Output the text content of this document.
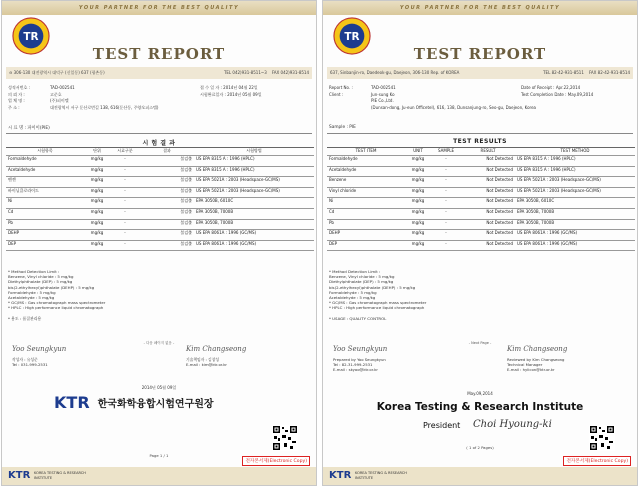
YOUR PARTNER FOR THE BEST QUALITY
TR
TEST REPORT
⊖ 306-130 대전광역시 대덕구 (신일동) 637 (평촌동)	TEL 042)931-8511~3 FAX 042)931-8514
성적서번호 :	TAD-002541	접 수 일 자 : 2014년 04월 22일
의 뢰 자 :	고준호	시험완료일자 : 2014년 05월 09일
업 체 명 :	(주)피이엘
주 소 :	대전광역시 서구 둔산로번길 138, 616(둔산동, 주양오피스텔)
시 료 명 : 파이이(PIE)
시 험 결 과
시험항목	단위	시료구분	결과	시험방법
Formaldehyde	mg/kg	-	불검출	US EPA 8315 A : 1996 (HPLC)
Acetaldehyde	mg/kg	-	불검출	US EPA 8315 A : 1996 (HPLC)
벤젠	mg/kg	-	불검출	US EPA 5021A : 2003 (Headspace-GC/MS)
바이닐클로라이드	mg/kg	-	불검출	US EPA 5021A : 2003 (Headspace-GC/MS)
Ni	mg/kg	-	불검출	EPA 3050B, 6010C
Cd	mg/kg	-	불검출	EPA 3050B, 7000B
Pb	mg/kg	-	불검출	EPA 3050B, 7000B
DEHP	mg/kg	-	불검출	US EPA 8061A : 1996 (GC/MS)
DEP	mg/kg	-	불검출	US EPA 8061A : 1996 (GC/MS)
* Method Detection Limit :
Benzene, Vinyl chloride : 5 mg/kg
Diethylphthalate (DEP) : 5 mg/kg
bis(2-ethylhexyl)phthalate (DEHP) : 5 mg/kg
Formaldehyde : 5 mg/kg
Acetaldehyde : 5 mg/kg
* GC/MS : Gas chromatograph mass spectrometer
* HPLC : High performance liquid chromatograph
* 용도 : 품질관리용
- 다음 페이지 없음 -
Yoo Seungkyun
작성자 : 유성준
Tel : 031-999-2531
Kim Changseong
기술책임자 : 김창성
E-mail : kim@ktr.or.kr
2014년 05월 09일
KTR 한국화학융합시험연구원장
Page 1 / 1
전자본서제(Electronic Copy)
KTR KOREA TESTING & RESEARCH INSTITUTE
YOUR PARTNER FOR THE BEST QUALITY
TR
TEST REPORT
637, Sinbanjin-ro, Daedeok-gu, Daejeon, 306-130 Rep. of KOREA	TEL 82-42-931-8511 FAX 82-42-931-8514
Report No. :	TAD-002541	Date of Receipt : Apr.22,2014
Client :	Jun-sung Ko	Test Completion Date : May.09,2014
PIE Co.,Ltd.
(Dunsan-dong, Ju-eun Officetel), 616, 138, Dunsanjung-ro, Seo-gu, Daejeon, Korea
Sample : PIE
TEST RESULTS
TEST ITEM	UNIT	SAMPLE	RESULT	TEST METHOD
Formaldehyde	mg/kg	-	Not Detected	US EPA 8315 A : 1996 (HPLC)
Acetaldehyde	mg/kg	-	Not Detected	US EPA 8315 A : 1996 (HPLC)
Benzene	mg/kg	-	Not Detected	US EPA 5021A : 2003 (Headspace-GC/MS)
Vinyl chloride	mg/kg	-	Not Detected	US EPA 5021A : 2003 (Headspace-GC/MS)
Ni	mg/kg	-	Not Detected	EPA 3050B, 6010C
Cd	mg/kg	-	Not Detected	EPA 3050B, 7000B
Pb	mg/kg	-	Not Detected	EPA 3050B, 7000B
DEHP	mg/kg	-	Not Detected	US EPA 8061A : 1996 (GC/MS)
DEP	mg/kg	-	Not Detected	US EPA 8061A : 1996 (GC/MS)
* Method Detection Limit :
Benzene, Vinyl chloride : 5 mg/kg
Diethylphthalate (DEP) : 5 mg/kg
bis(2-ethylhexyl)phthalate (DEHP) : 5 mg/kg
Formaldehyde : 5 mg/kg
Acetaldehyde : 5 mg/kg
* GC/MS : Gas chromatograph mass spectrometer
* HPLC : High performance liquid chromatograph
* USAGE : QUALITY CONTROL
- Next Page -
Yoo Seungkyun
Prepared by Yoo Seungkyun
Tel : 82-31-999-2531
E-mail : skyoo@ktr.or.kr
Kim Changseong
Reviewed by Kim Changseong
Technical Manager
E-mail : hylicon@ktr.or.kr
May.09,2014
Korea Testing & Research Institute
President Choi Hyoung-ki
( 1 of 2 Pages)
전자본서제(Electronic Copy)
KTR KOREA TESTING & RESEARCH INSTITUTE
